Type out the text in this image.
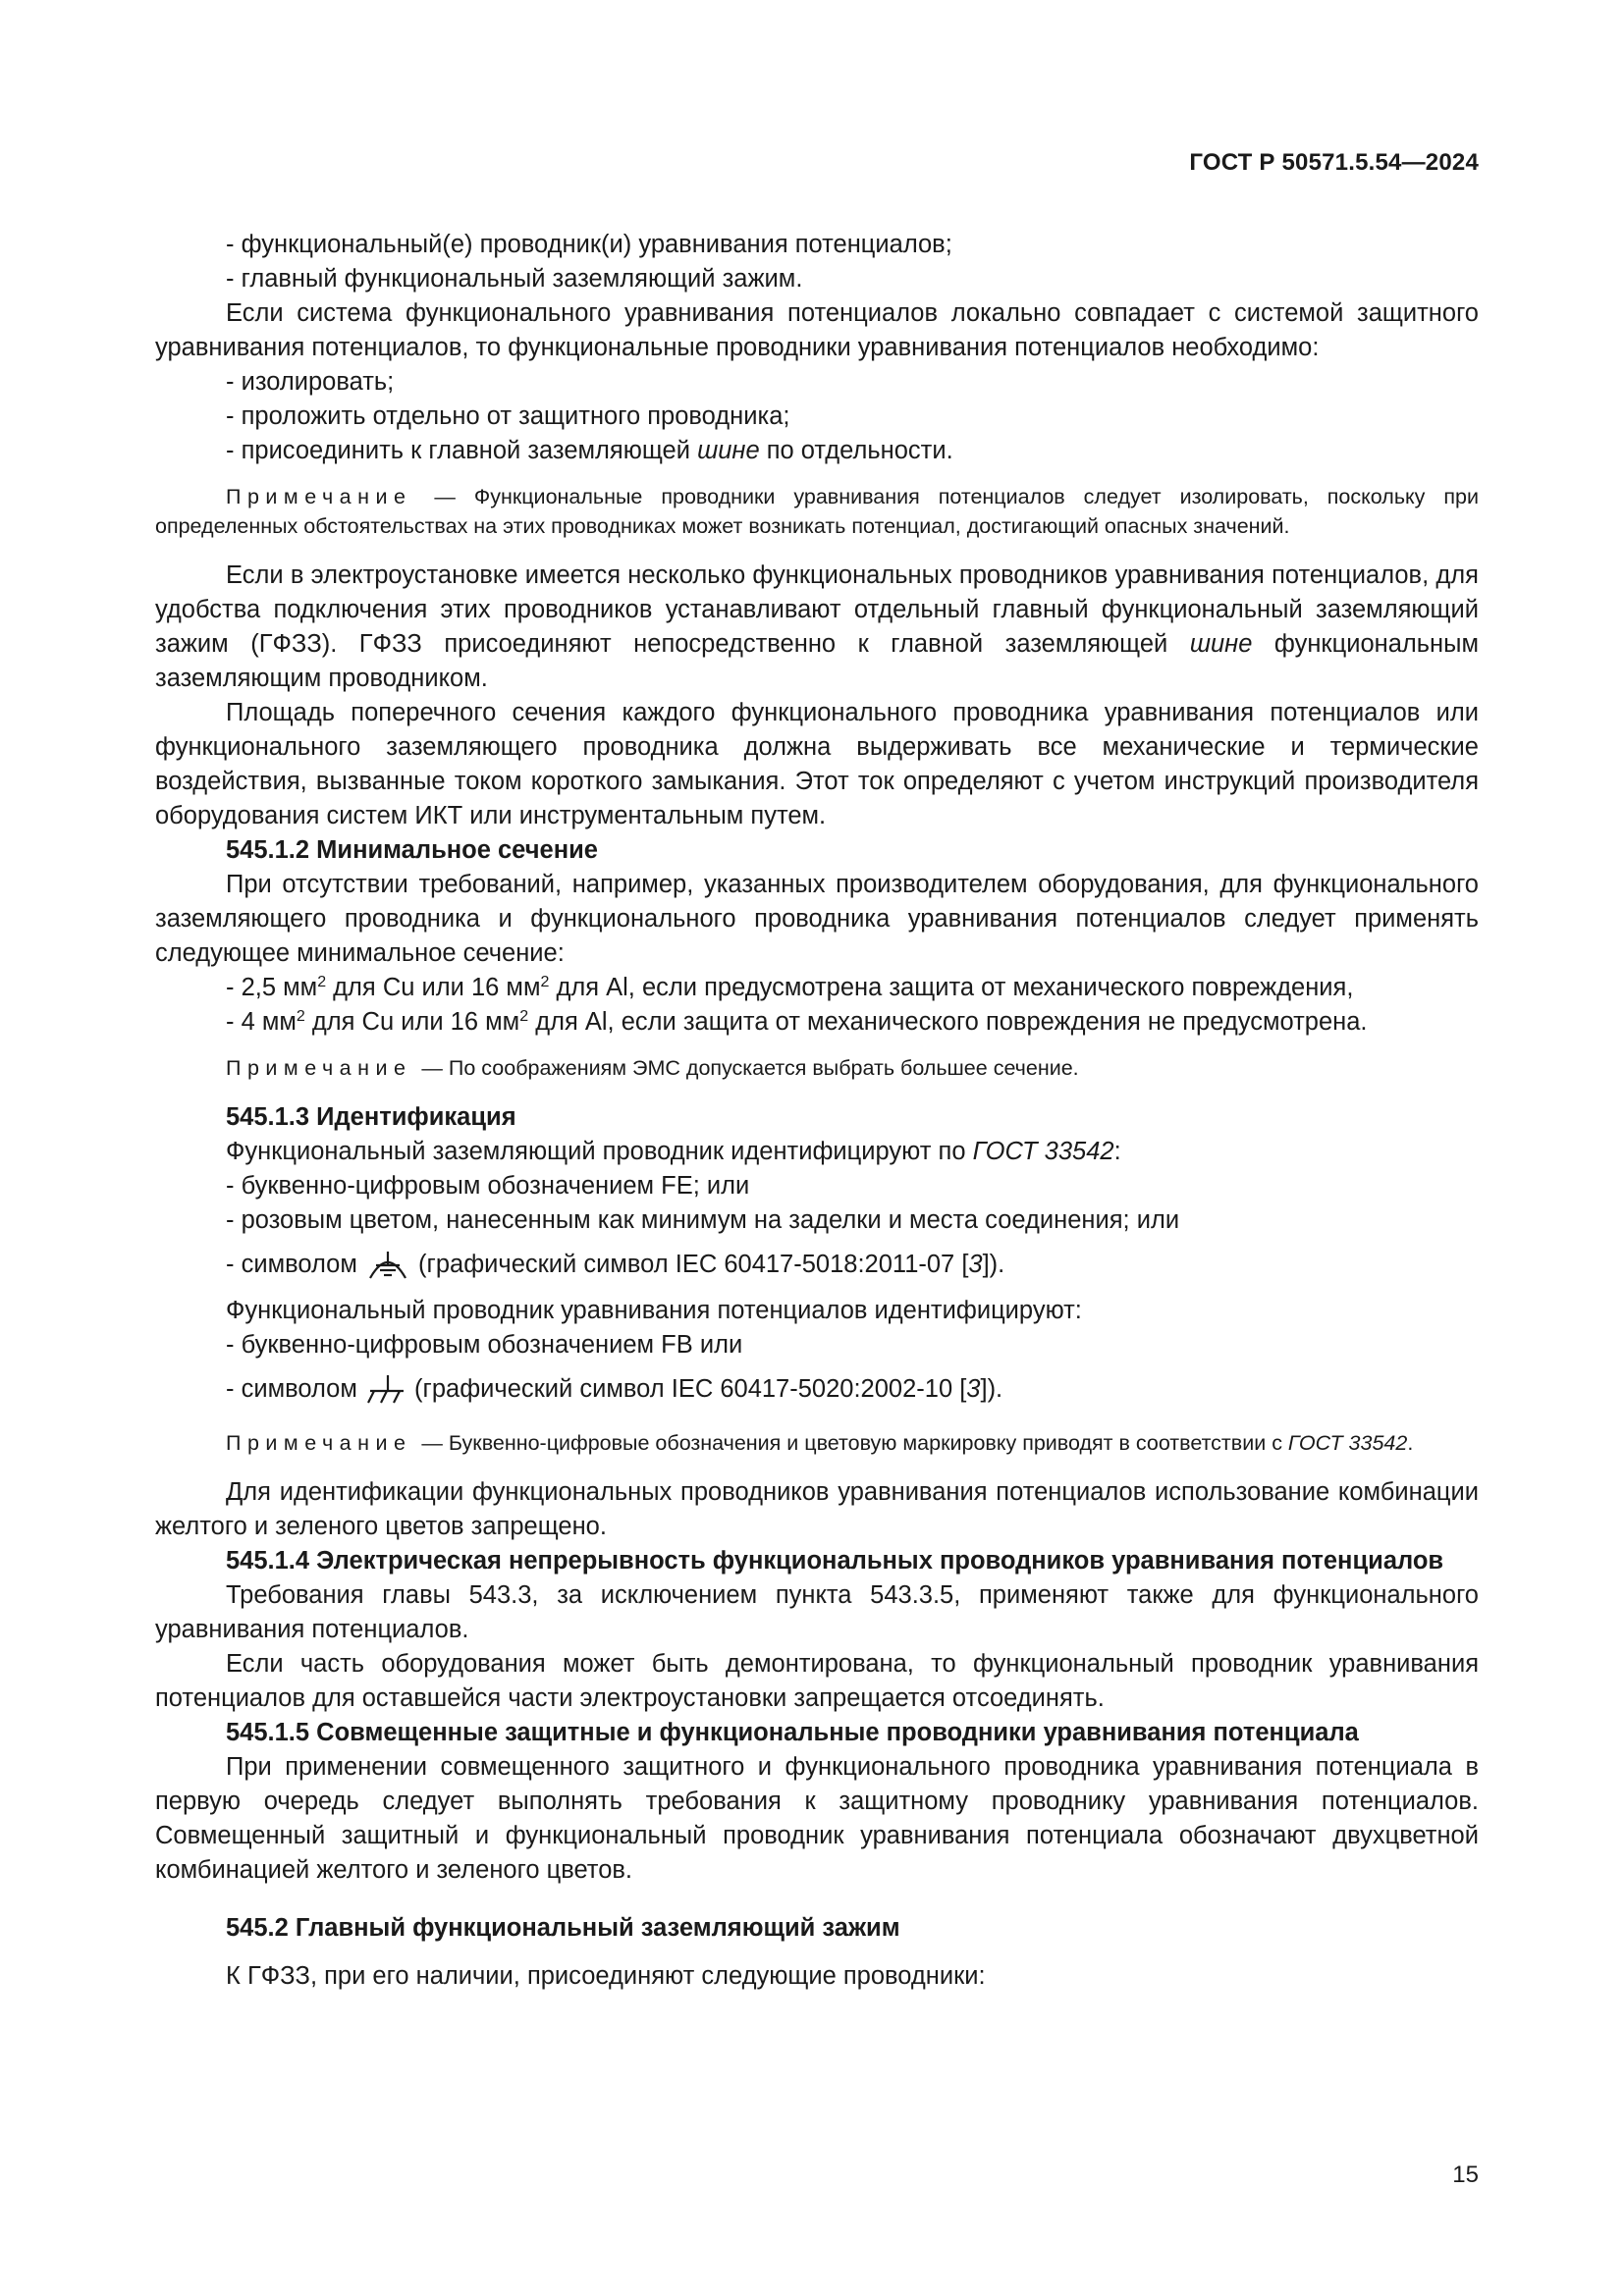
ГОСТ Р 50571.5.54—2024

- функциональный(е) проводник(и) уравнивания потенциалов;

- главный функциональный заземляющий зажим.

Если система функционального уравнивания потенциалов локально совпадает с системой защитного уравнивания потенциалов, то функциональные проводники уравнивания потенциалов необходимо:

- изолировать;

- проложить отдельно от защитного проводника;

- присоединить к главной заземляющей шине по отдельности.

Примечание — Функциональные проводники уравнивания потенциалов следует изолировать, поскольку при определенных обстоятельствах на этих проводниках может возникать потенциал, достигающий опасных значений.

Если в электроустановке имеется несколько функциональных проводников уравнивания потенциалов, для удобства подключения этих проводников устанавливают отдельный главный функциональный заземляющий зажим (ГФЗЗ). ГФЗЗ присоединяют непосредственно к главной заземляющей шине функциональным заземляющим проводником.

Площадь поперечного сечения каждого функционального проводника уравнивания потенциалов или функционального заземляющего проводника должна выдерживать все механические и термические воздействия, вызванные током короткого замыкания. Этот ток определяют с учетом инструкций производителя оборудования систем ИКТ или инструментальным путем.

545.1.2 Минимальное сечение

При отсутствии требований, например, указанных производителем оборудования, для функционального заземляющего проводника и функционального проводника уравнивания потенциалов следует применять следующее минимальное сечение:

- 2,5 $мм^2$ для Cu или 16 $мм^2$ для Al, если предусмотрена защита от механического повреждения,

- 4 $мм^2$ для Cu или 16 $мм^2$ для Al, если защита от механического повреждения не предусмотрена.

Примечание — По соображениям ЭМС допускается выбрать большее сечение.

545.1.3 Идентификация

Функциональный заземляющий проводник идентифицируют по ГОСТ 33542:

- буквенно-цифровым обозначением FE; или

- розовым цветом, нанесенным как минимум на заделки и места соединения; или

- символом  (графический символ IEC 60417-5018:2011-07 [3]).

Функциональный проводник уравнивания потенциалов идентифицируют:

- буквенно-цифровым обозначением FB или

- символом  (графический символ IEC 60417-5020:2002-10 [3]).

Примечание — Буквенно-цифровые обозначения и цветовую маркировку приводят в соответствии с ГОСТ 33542.

Для идентификации функциональных проводников уравнивания потенциалов использование комбинации желтого и зеленого цветов запрещено.

545.1.4 Электрическая непрерывность функциональных проводников уравнивания потенциалов

Требования главы 543.3, за исключением пункта 543.3.5, применяют также для функционального уравнивания потенциалов.

Если часть оборудования может быть демонтирована, то функциональный проводник уравнивания потенциалов для оставшейся части электроустановки запрещается отсоединять.

545.1.5 Совмещенные защитные и функциональные проводники уравнивания потенциала

При применении совмещенного защитного и функционального проводника уравнивания потенциала в первую очередь следует выполнять требования к защитному проводнику уравнивания потенциалов. Совмещенный защитный и функциональный проводник уравнивания потенциала обозначают двухцветной комбинацией желтого и зеленого цветов.

545.2 Главный функциональный заземляющий зажим

К ГФЗЗ, при его наличии, присоединяют следующие проводники:

15
